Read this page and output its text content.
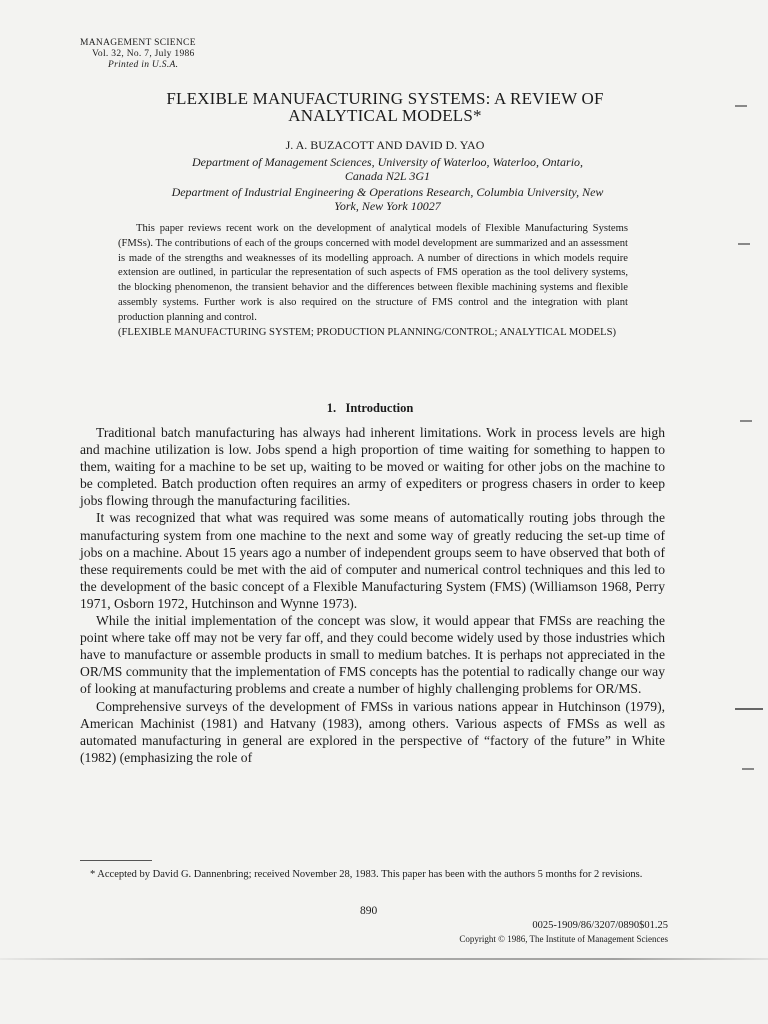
MANAGEMENT SCIENCE
Vol. 32, No. 7, July 1986
Printed in U.S.A.
FLEXIBLE MANUFACTURING SYSTEMS: A REVIEW OF
ANALYTICAL MODELS*
J. A. BUZACOTT AND DAVID D. YAO
Department of Management Sciences, University of Waterloo, Waterloo, Ontario,
Canada N2L 3G1
Department of Industrial Engineering & Operations Research, Columbia University, New
York, New York 10027

This paper reviews recent work on the development of analytical models of Flexible Manufacturing Systems (FMSs). The contributions of each of the groups concerned with model development are summarized and an assessment is made of the strengths and weaknesses of its modelling approach. A number of directions in which models require extension are outlined, in particular the representation of such aspects of FMS operation as the tool delivery systems, the blocking phenomenon, the transient behavior and the differences between flexible machining systems and flexible assembly systems. Further work is also required on the structure of FMS control and the integration with plant production planning and control.

(FLEXIBLE MANUFACTURING SYSTEM; PRODUCTION PLANNING/CONTROL; ANALYTICAL MODELS)

1. Introduction

Traditional batch manufacturing has always had inherent limitations. Work in process levels are high and machine utilization is low. Jobs spend a high proportion of time waiting for something to happen to them, waiting for a machine to be set up, waiting to be moved or waiting for other jobs on the machine to be completed. Batch production often requires an army of expediters or progress chasers in order to keep jobs flowing through the manufacturing facilities.

It was recognized that what was required was some means of automatically routing jobs through the manufacturing system from one machine to the next and some way of greatly reducing the set-up time of jobs on a machine. About 15 years ago a number of independent groups seem to have observed that both of these requirements could be met with the aid of computer and numerical control techniques and this led to the development of the basic concept of a Flexible Manufacturing System (FMS) (Williamson 1968, Perry 1971, Osborn 1972, Hutchinson and Wynne 1973).

While the initial implementation of the concept was slow, it would appear that FMSs are reaching the point where take off may not be very far off, and they could become widely used by those industries which have to manufacture or assemble products in small to medium batches. It is perhaps not appreciated in the OR/MS community that the implementation of FMS concepts has the potential to radically change our way of looking at manufacturing problems and create a number of highly challenging problems for OR/MS.

Comprehensive surveys of the development of FMSs in various nations appear in Hutchinson (1979), American Machinist (1981) and Hatvany (1983), among others. Various aspects of FMSs as well as automated manufacturing in general are explored in the perspective of “factory of the future” in White (1982) (emphasizing the role of

* Accepted by David G. Dannenbring; received November 28, 1983. This paper has been with the authors 5 months for 2 revisions.

890
0025-1909/86/3207/0890$01.25
Copyright © 1986, The Institute of Management Sciences
